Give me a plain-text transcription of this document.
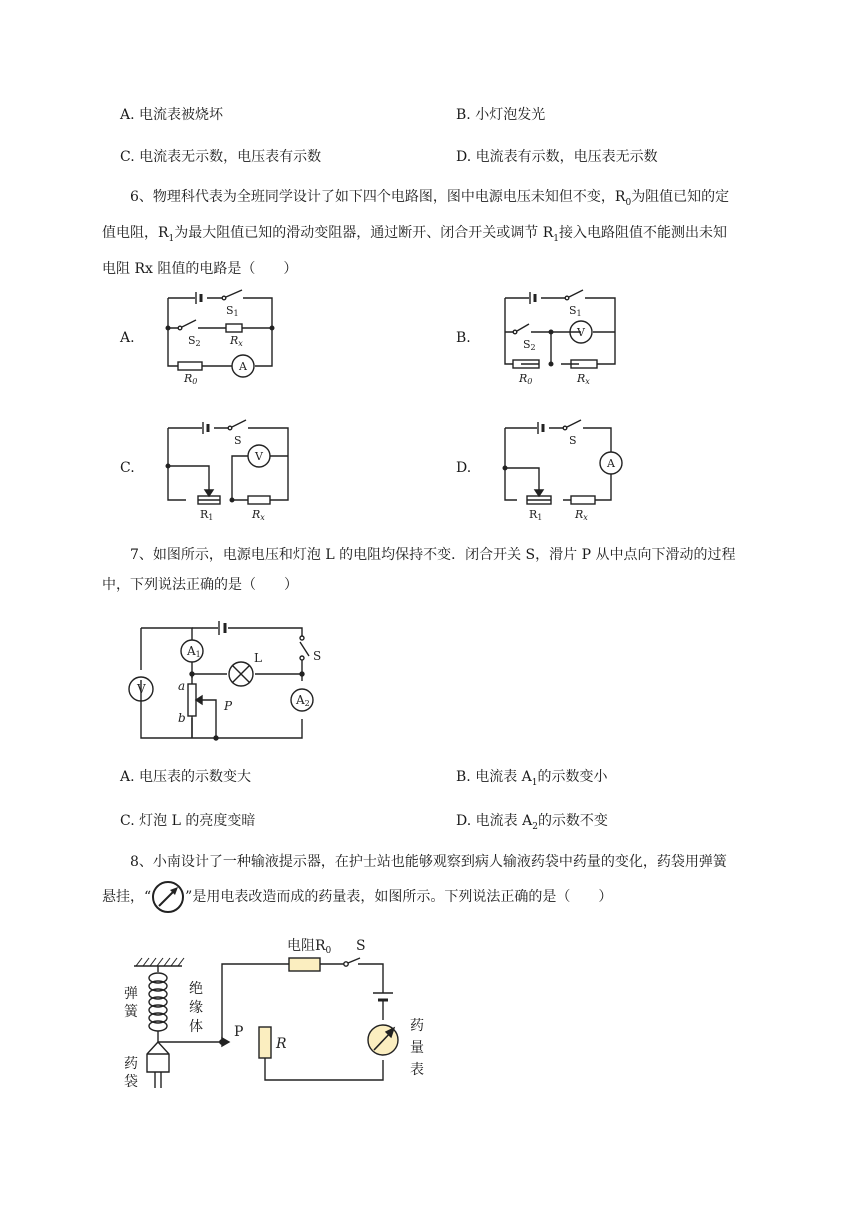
A. 电流表被烧坏	B. 小灯泡发光
C. 电流表无示数，电压表有示数	D. 电流表有示数，电压表无示数
6、物理科代表为全班同学设计了如下四个电路图，图中电源电压未知但不变，$R_0$为阻值已知的定
值电阻，$R_1$为最大阻值已知的滑动变阻器，通过断开、闭合开关或调节 $R_1$接入电路阻值不能测出未知
电阻 Rx 阻值的电路是（　　）
A.	B.
C.	D.
S1
S2	Rx
R0
A
S1
S2
V
R0	Rx
S
V
R1	Rx
S
A
R1	Rx
7、如图所示，电源电压和灯泡 L 的电阻均保持不变．闭合开关 S，滑片 P 从中点向下滑动的过程
中，下列说法正确的是（　　）
A1
V
A2
L	S
a
b
P
A. 电压表的示数变大	B. 电流表 $A_1$的示数变小
C. 灯泡 L 的亮度变暗	D. 电流表 $A_2$的示数不变
8、小南设计了一种输液提示器，在护士站也能够观察到病人输液药袋中药量的变化，药袋用弹簧
悬挂，“ ”是用电表改造而成的药量表，如图所示。下列说法正确的是（　　）
电阻$R_0$ S
P
R
弹簧
绝缘体
药袋
药量表
